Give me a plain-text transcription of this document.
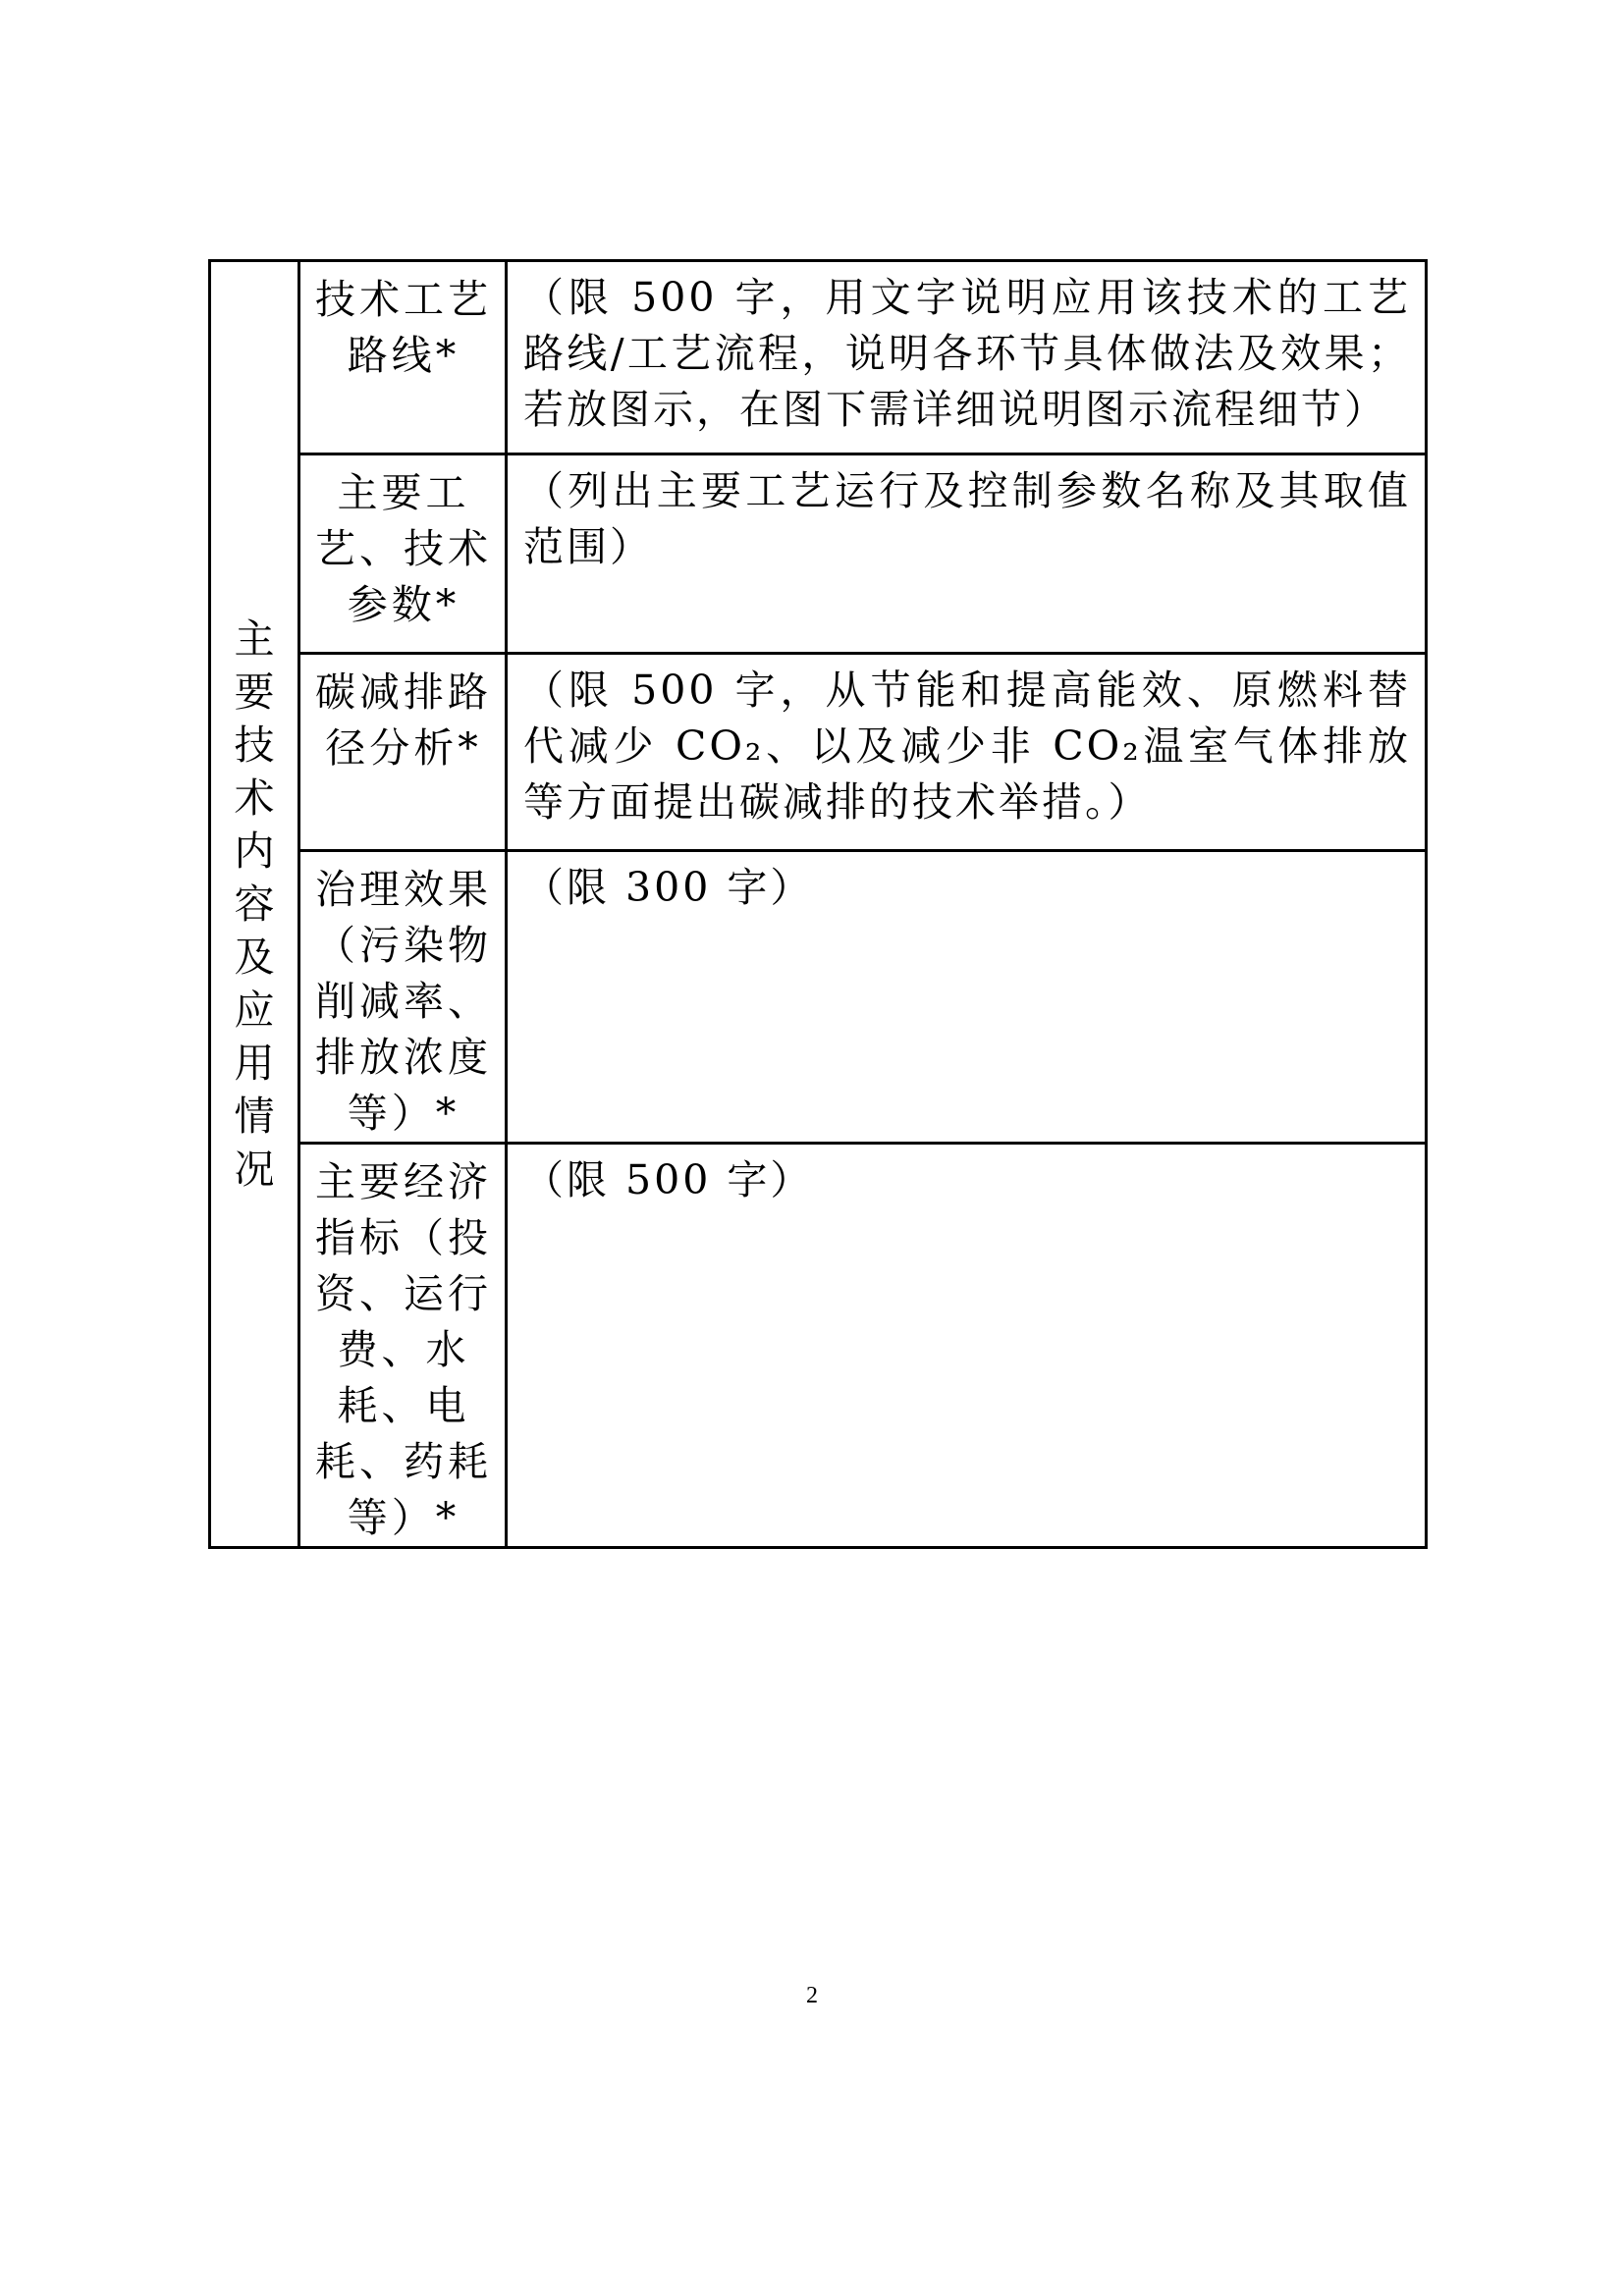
主要技术内容及应用情况	技术工艺路线*	（限 500 字，用文字说明应用该技术的工艺路线/工艺流程，说明各环节具体做法及效果；若放图示，在图下需详细说明图示流程细节）

	主要工艺、技术参数*	（列出主要工艺运行及控制参数名称及其取值范围）

	碳减排路径分析*	（限 500 字，从节能和提高能效、原燃料替代减少 CO₂、以及减少非 CO₂温室气体排放等方面提出碳减排的技术举措。）

	治理效果（污染物削减率、排放浓度等）*	（限 300 字）

	主要经济指标（投资、运行费、水耗、电耗、药耗等）*	（限 500 字）
2
